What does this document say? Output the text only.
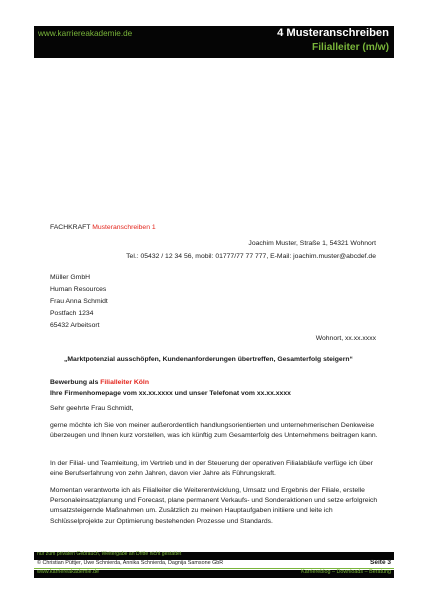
www.karriereakademie.de	4 Musteranschreiben
Filialleiter (m/w)
FACHKRAFT Musteranschreiben 1
Joachim Muster, Straße 1, 54321 Wohnort
Tel.: 05432 / 12 34 56, mobil: 01777/77 77 777, E-Mail: joachim.muster@abcdef.de
Müller GmbH
Human Resources
Frau Anna Schmidt
Postfach 1234
65432 Arbeitsort
Wohnort, xx.xx.xxxx
„Marktpotenzial ausschöpfen, Kundenanforderungen übertreffen, Gesamterfolg steigern“
Bewerbung als Filialleiter Köln
Ihre Firmenhomepage vom xx.xx.xxxx und unser Telefonat vom xx.xx.xxxx
Sehr geehrte Frau Schmidt,
gerne möchte ich Sie von meiner außerordentlich handlungsorientierten und unternehmerischen Denkweise überzeugen und Ihnen kurz vorstellen, was ich künftig zum Gesamterfolg des Unternehmens beitragen kann.
In der Filial- und Teamleitung, im Vertrieb und in der Steuerung der operativen Filialabläufe verfüge ich über eine Berufserfahrung von zehn Jahren, davon vier Jahre als Führungskraft.
Momentan verantworte ich als Filialleiter die Weiterentwicklung, Umsatz und Ergebnis der Filiale, erstelle Personaleinsatzplanung und Forecast, plane permanent Verkaufs- und Sonderaktionen und setze erfolgreich umsatzsteigernde Maßnahmen um. Zusätzlich zu meinen Hauptaufgaben initiiere und leite ich Schlüsselprojekte zur Optimierung bestehenden Prozesse und Standards.
nur zum privaten Gebrauch, Weitergabe an Dritte nicht gestattet
© Christian Püttjer, Uwe Schnierda, Annika Schnierda, Dagnija Samsone GbR	Seite 3
www.karriereakademie.de	Karriereblog – Downloads – Beratung
